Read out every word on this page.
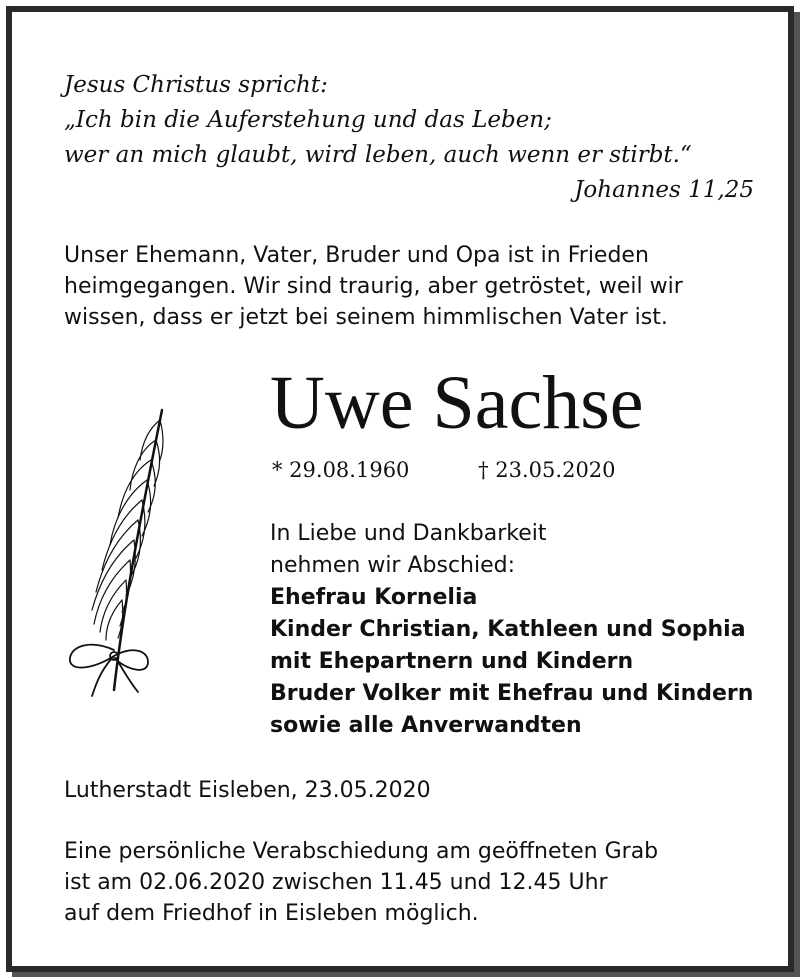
Jesus Christus spricht:
„Ich bin die Auferstehung und das Leben;
wer an mich glaubt, wird leben, auch wenn er stirbt.“
Johannes 11,25
Unser Ehemann, Vater, Bruder und Opa ist in Frieden
heimgegangen. Wir sind traurig, aber getröstet, weil wir
wissen, dass er jetzt bei seinem himmlischen Vater ist.
Uwe Sachse
* 29.08.1960	† 23.05.2020
In Liebe und Dankbarkeit
nehmen wir Abschied:
Ehefrau Kornelia
Kinder Christian, Kathleen und Sophia
mit Ehepartnern und Kindern
Bruder Volker mit Ehefrau und Kindern
sowie alle Anverwandten
Lutherstadt Eisleben, 23.05.2020
Eine persönliche Verabschiedung am geöffneten Grab
ist am 02.06.2020 zwischen 11.45 und 12.45 Uhr
auf dem Friedhof in Eisleben möglich.
